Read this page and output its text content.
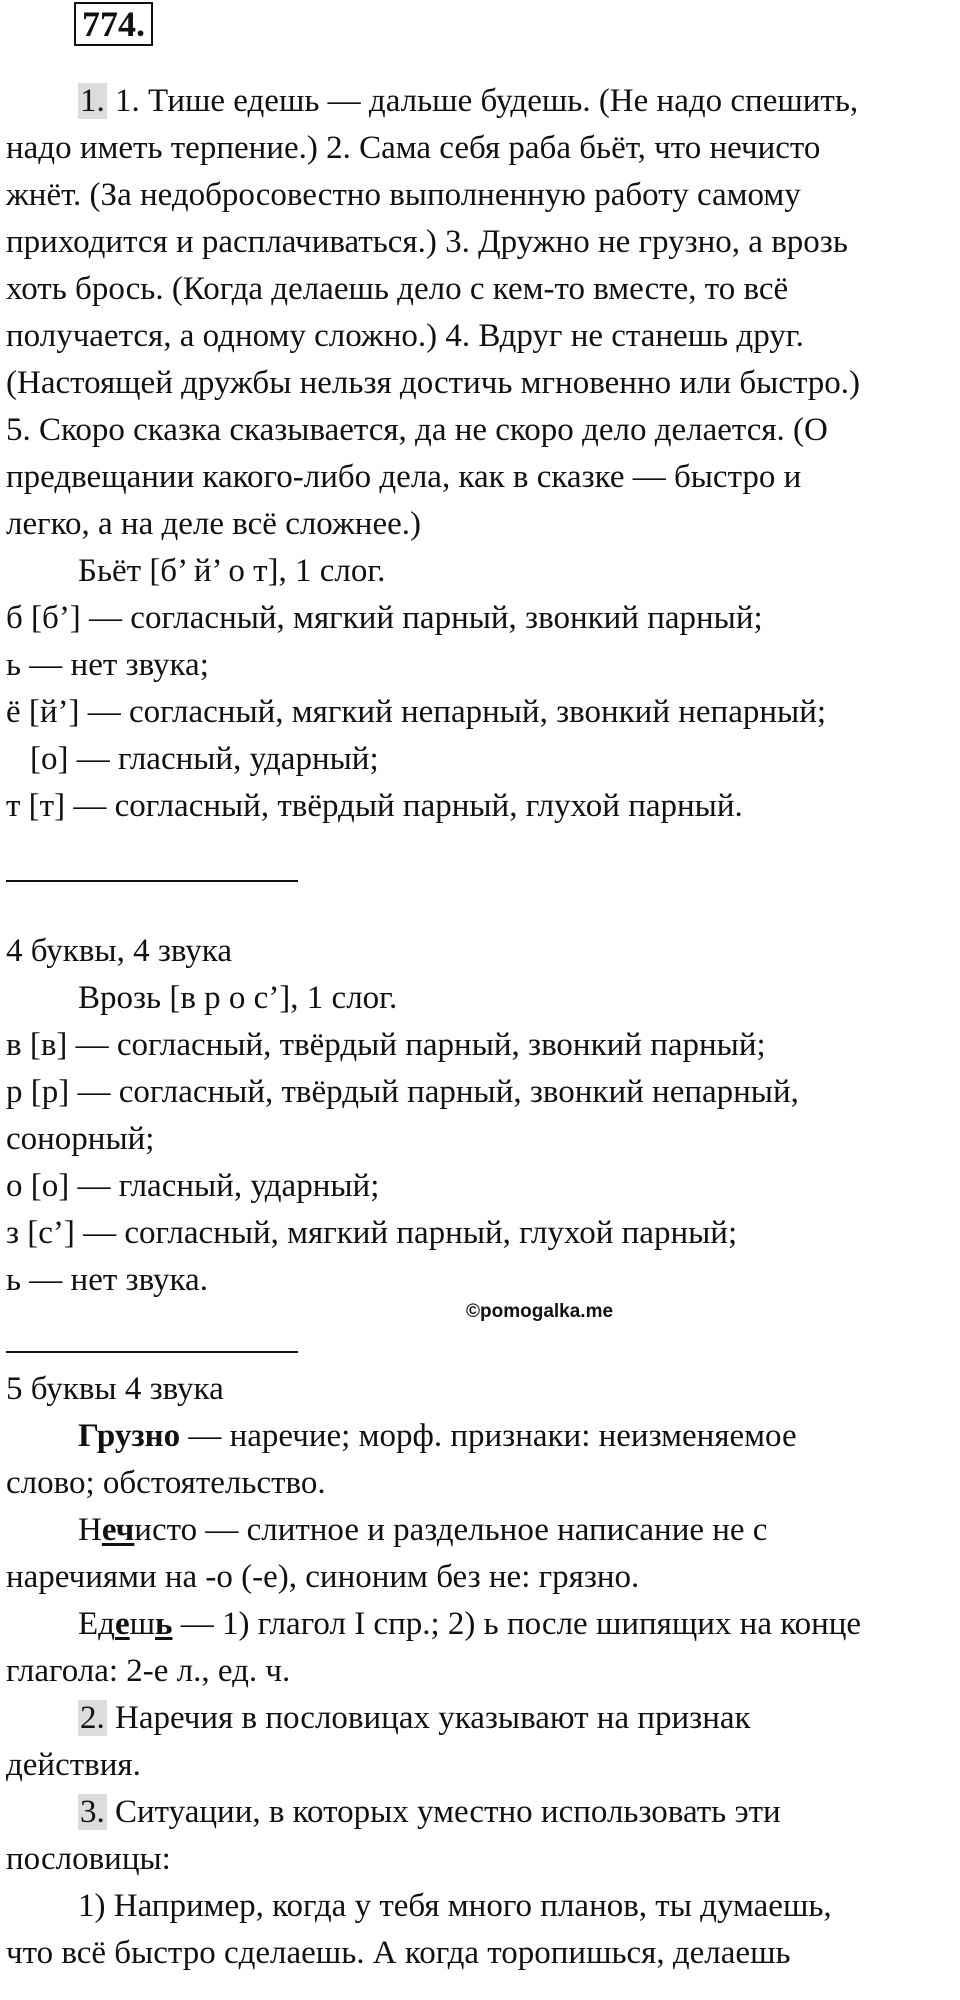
774.
1. 1. Тише едешь — дальше будешь. (Не надо спешить,
надо иметь терпение.) 2. Сама себя раба бьёт, что нечисто
жнёт. (За недобросовестно выполненную работу самому
приходится и расплачиваться.) 3. Дружно не грузно, а врозь
хоть брось. (Когда делаешь дело с кем-то вместе, то всё
получается, а одному сложно.) 4. Вдруг не станешь друг.
(Настоящей дружбы нельзя достичь мгновенно или быстро.)
5. Скоро сказка сказывается, да не скоро дело делается. (О
предвещании какого-либо дела, как в сказке — быстро и
легко, а на деле всё сложнее.)
Бьёт [б’ й’ о т], 1 слог.
б [б’] — согласный, мягкий парный, звонкий парный;
ь — нет звука;
ё [й’] — согласный, мягкий непарный, звонкий непарный;
[о] — гласный, ударный;
т [т] — согласный, твёрдый парный, глухой парный.
4 буквы, 4 звука
Врозь [в р о с’], 1 слог.
в [в] — согласный, твёрдый парный, звонкий парный;
р [р] — согласный, твёрдый парный, звонкий непарный,
сонорный;
о [о] — гласный, ударный;
з [с’] — согласный, мягкий парный, глухой парный;
ь — нет звука.
©pomogalka.me
5 буквы 4 звука
Грузно — наречие; морф. признаки: неизменяемое
слово; обстоятельство.
Нечисто — слитное и раздельное написание не с
наречиями на -о (-е), синоним без не: грязно.
Едешь — 1) глагол I спр.; 2) ь после шипящих на конце
глагола: 2-е л., ед. ч.
2. Наречия в пословицах указывают на признак
действия.
3. Ситуации, в которых уместно использовать эти
пословицы:
1) Например, когда у тебя много планов, ты думаешь,
что всё быстро сделаешь. А когда торопишься, делаешь
